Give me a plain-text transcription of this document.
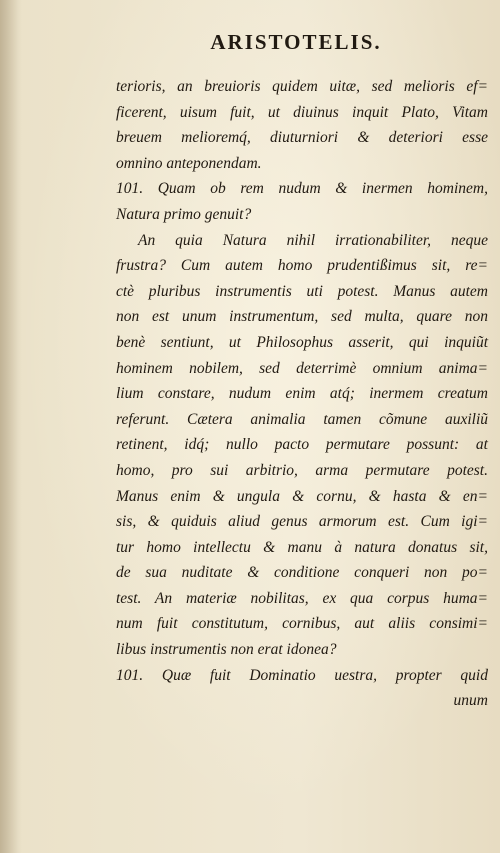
ARISTOTELIS.
terioris, an breuioris quidem uitæ, sed melioris ef=
ficerent, uisum fuit, ut diuinus inquit Plato, Vitam
breuem melioremq́, diuturniori & deteriori esse
omnino anteponendam.
101. Quam ob rem nudum & inermen hominem,
Natura primo genuit?
An quia Natura nihil irrationabiliter, neque
frustra? Cum autem homo prudentißimus sit, re=
ctè pluribus instrumentis uti potest. Manus autem
non est unum instrumentum, sed multa, quare non
benè sentiunt, ut Philosophus asserit, qui inquiũt
hominem nobilem, sed deterrimè omnium anima=
lium constare, nudum enim atq́; inermem creatum
referunt. Cætera animalia tamen cõmune auxiliũ
retinent, idq́; nullo pacto permutare possunt: at
homo, pro sui arbitrio, arma permutare potest.
Manus enim & ungula & cornu, & hasta & en=
sis, & quiduis aliud genus armorum est. Cum igi=
tur homo intellectu & manu à natura donatus sit,
de sua nuditate & conditione conqueri non po=
test. An materiæ nobilitas, ex qua corpus huma=
num fuit constitutum, cornibus, aut aliis consimi=
libus instrumentis non erat idonea?
101. Quæ fuit Dominatio uestra, propter quid
unum
